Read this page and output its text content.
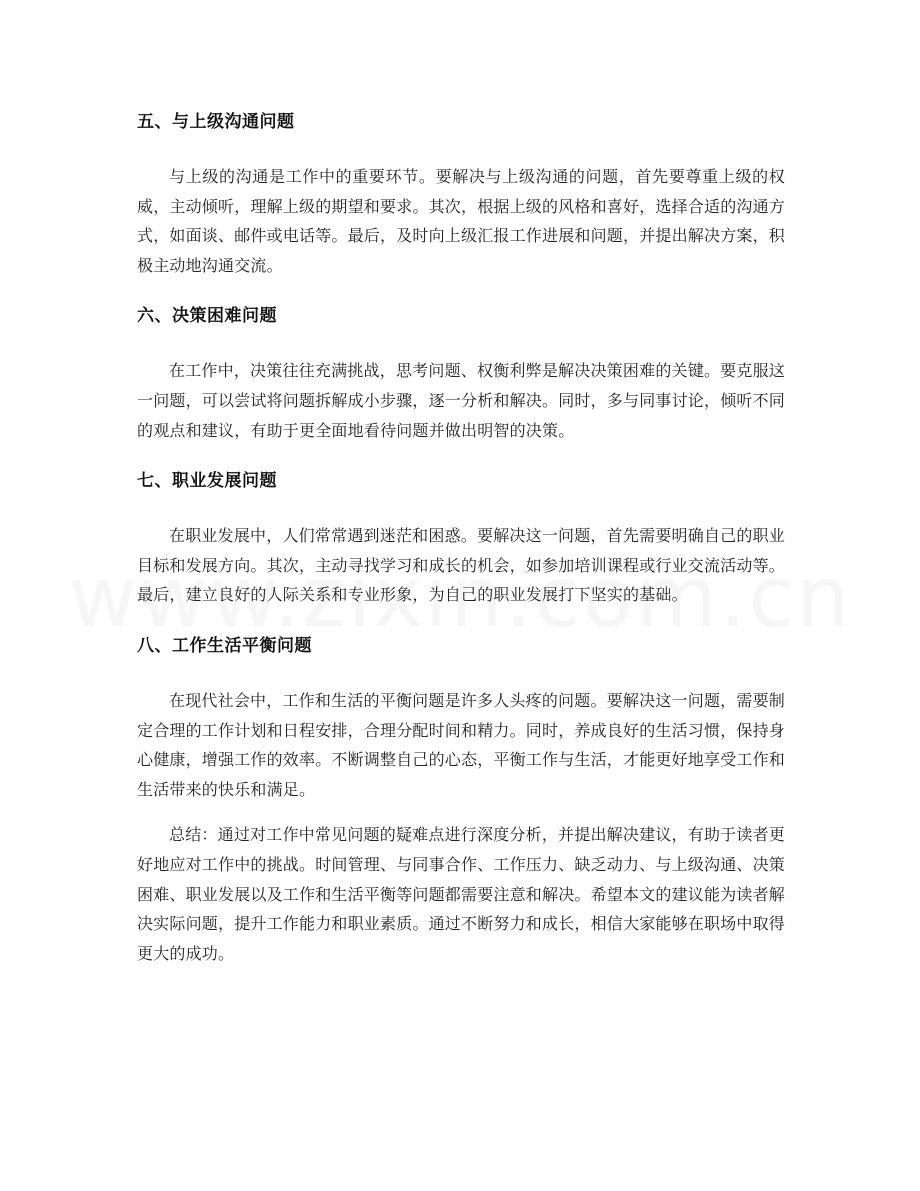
五、与上级沟通问题

与上级的沟通是工作中的重要环节。要解决与上级沟通的问题，首先要尊重上级的权威，主动倾听，理解上级的期望和要求。其次，根据上级的风格和喜好，选择合适的沟通方式，如面谈、邮件或电话等。最后，及时向上级汇报工作进展和问题，并提出解决方案，积极主动地沟通交流。

六、决策困难问题

在工作中，决策往往充满挑战，思考问题、权衡利弊是解决决策困难的关键。要克服这一问题，可以尝试将问题拆解成小步骤，逐一分析和解决。同时，多与同事讨论，倾听不同的观点和建议，有助于更全面地看待问题并做出明智的决策。

七、职业发展问题

在职业发展中，人们常常遇到迷茫和困惑。要解决这一问题，首先需要明确自己的职业目标和发展方向。其次，主动寻找学习和成长的机会，如参加培训课程或行业交流活动等。最后，建立良好的人际关系和专业形象，为自己的职业发展打下坚实的基础。

八、工作生活平衡问题

在现代社会中，工作和生活的平衡问题是许多人头疼的问题。要解决这一问题，需要制定合理的工作计划和日程安排，合理分配时间和精力。同时，养成良好的生活习惯，保持身心健康，增强工作的效率。不断调整自己的心态，平衡工作与生活，才能更好地享受工作和生活带来的快乐和满足。

总结：通过对工作中常见问题的疑难点进行深度分析，并提出解决建议，有助于读者更好地应对工作中的挑战。时间管理、与同事合作、工作压力、缺乏动力、与上级沟通、决策困难、职业发展以及工作和生活平衡等问题都需要注意和解决。希望本文的建议能为读者解决实际问题，提升工作能力和职业素质。通过不断努力和成长，相信大家能够在职场中取得更大的成功。
